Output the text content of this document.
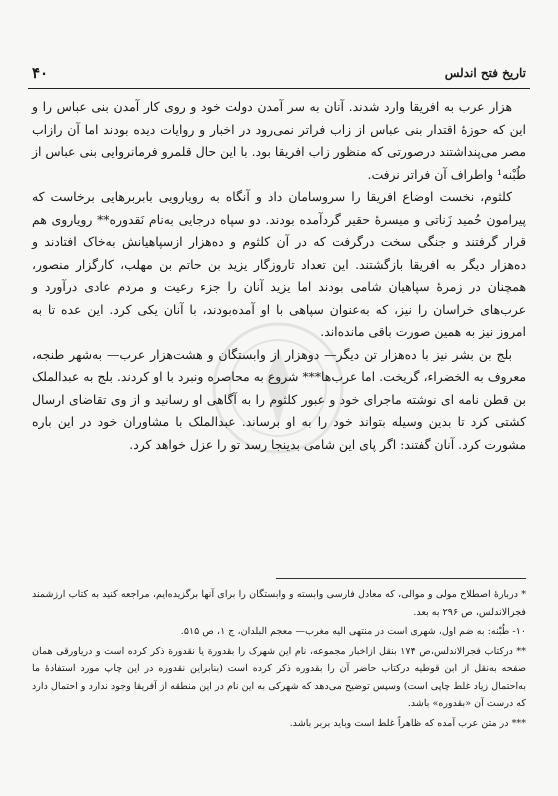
۴۰	تاریخ فتح اندلس

هزار عرب به افریقا وارد شدند. آنان به سر آمدن دولت خود و روی کار آمدن بنی عباس را و این که حوزهٔ اقتدار بنی عباس از زاب فراتر نمی‌رود در اخبار و روایات دیده بودند اما آن رازاب مصر می‌پنداشتند درصورتی که منظور زاب افریقا بود. با این حال قلمرو فرمانروایی بنی عباس از طُبْنه¹ واطراف آن فراتر نرفت.

کلثوم، نخست اوضاع افریقا را سروسامان داد و آنگاه به رویارویی بابربرهایی برخاست که پیرامون حُمید زَناتی و میسرهٔ حقیر گردآمده بودند. دو سپاه درجایی به‌نام نَقدوره** رویاروی هم قرار گرفتند و جنگی سخت درگرفت که در آن کلثوم و ده‌هزار ازسپاهیانش به‌خاک افتادند و ده‌هزار دیگر به افریقا بازگشتند. این تعداد تاروزگار یزید بن حاتم بن مهلب، کارگزار منصور، همچنان در زمرهٔ سپاهیان شامی بودند اما یزید آنان را جزء رعیت و مردم عادی درآورد و عرب‌های خراسان را نیز، که به‌عنوان سپاهی با او آمده‌بودند، با آنان یکی کرد. این عده تا به امروز نیز به همین صورت باقی مانده‌اند.

بلج بن بشر نیز با ده‌هزار تن دیگر— دوهزار از وابستگان و هشت‌هزار عرب— به‌شهر طنجه، معروف به الخضراء، گریخت. اما عرب‌ها*** شروع به محاصره ونبرد با او کردند. بلج به عبدالملک بن قطن نامه ای نوشته ماجرای خود و عبور کلثوم را به آگاهی او رسانید و از وی تقاضای ارسال کشتی کرد تا بدین وسیله بتواند خود را به او برساند. عبدالملک با مشاوران خود در این باره مشورت کرد. آنان گفتند: اگر پای این شامی بدینجا رسد تو را عزل خواهد کرد.

* دربارهٔ اصطلاح مولی و موالی، که معادل فارسی وابسته و وابستگان را برای آنها برگزیده‌ایم، مراجعه کنید به کتاب ارزشمند فجرالاندلس، ص ۲۹۶ به بعد.

۱۰- طُبْنه: به ضم اول، شهری است در منتهی الیه مغرب— معجم البلدان، ج ۱، ص ۵۱۵.

** درکتاب فجرالاندلس،ص ۱۷۴ بنقل ازاخبار مجموعه، نام این شهرک را بقدورة یا نقدورة ذکر کرده است و دریاورقی همان صفحه به‌نقل از ابن قوطیه درکتاب حاضر آن را بقدوره ذکر کرده است (بنابراین نقدوره در این چاپ مورد استفادهٔ ما به‌احتمال زیاد غلط چاپی است) وسپس توضیح می‌دهد که شهرکی به این نام در این منطقه از آفریقا وجود ندارد و احتمال دارد که درست آن «بقدوره» باشد.

*** در متن عرب آمده که ظاهراً غلط است وباید بربر باشد.
